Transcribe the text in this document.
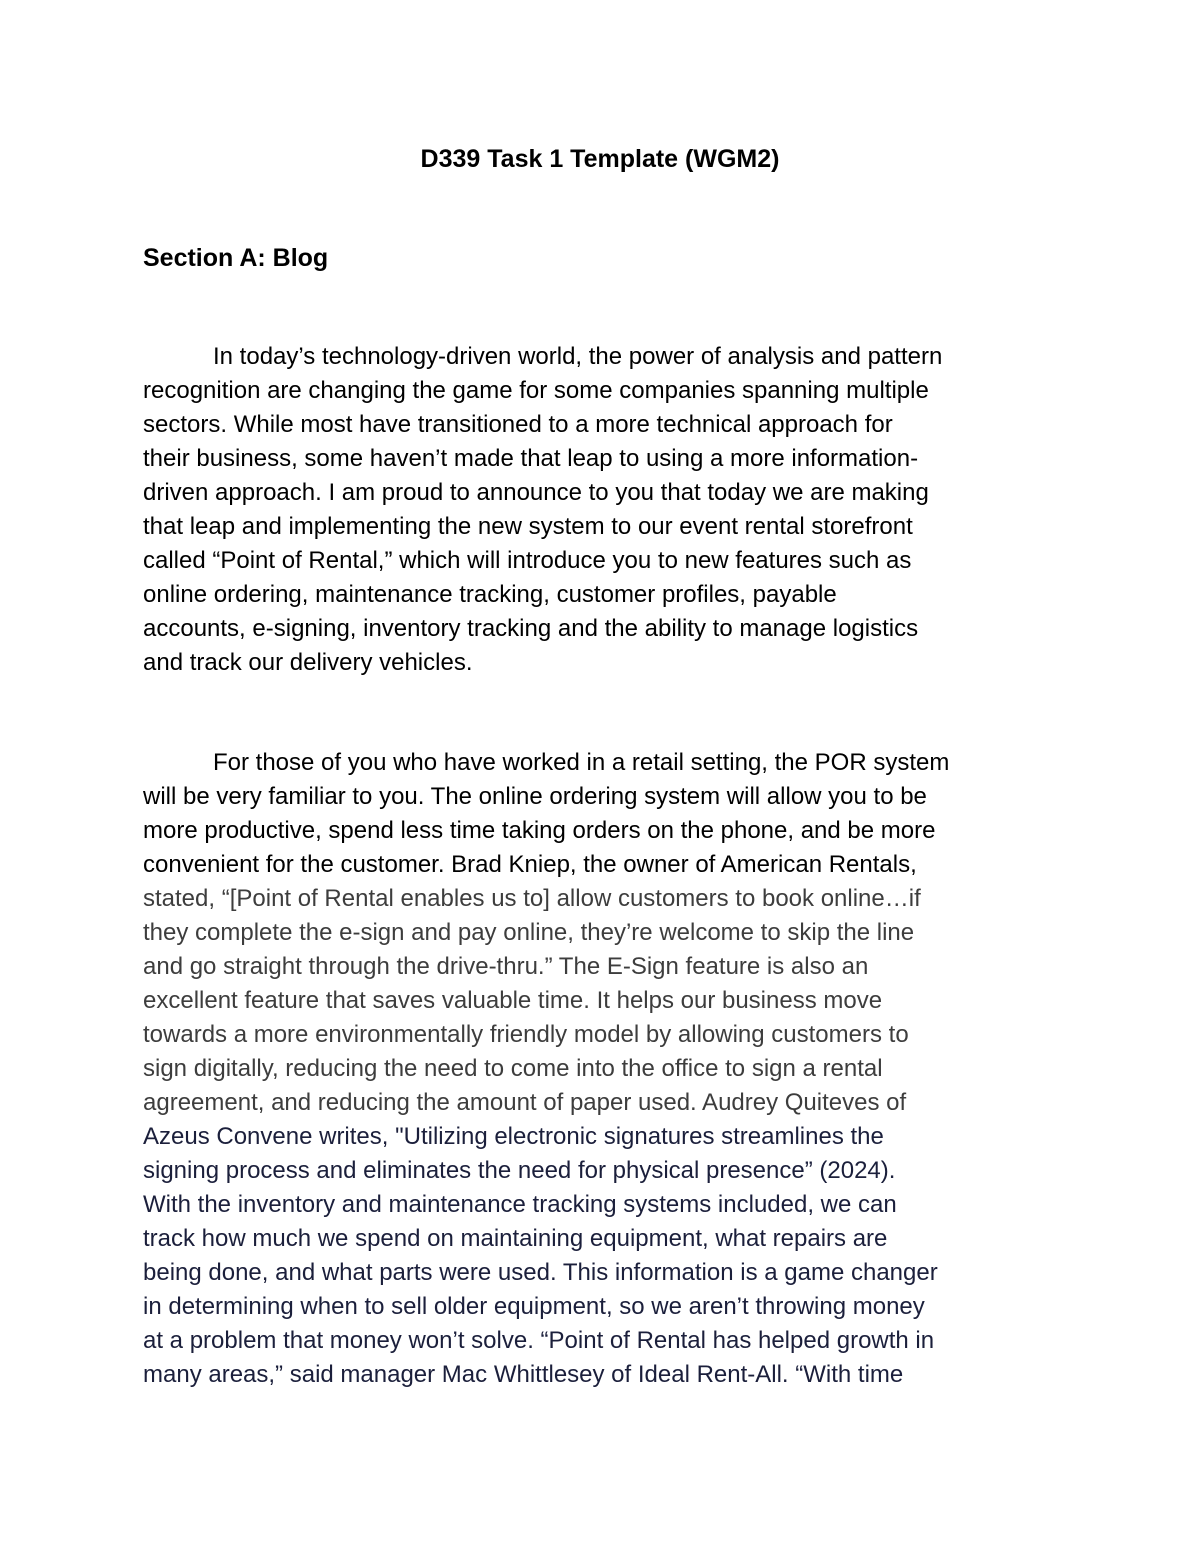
D339 Task 1 Template (WGM2)
Section A: Blog

In today’s technology-driven world, the power of analysis and pattern
recognition are changing the game for some companies spanning multiple
sectors. While most have transitioned to a more technical approach for
their business, some haven’t made that leap to using a more information-
driven approach. I am proud to announce to you that today we are making
that leap and implementing the new system to our event rental storefront
called “Point of Rental,” which will introduce you to new features such as
online ordering, maintenance tracking, customer profiles, payable
accounts, e-signing, inventory tracking and the ability to manage logistics
and track our delivery vehicles.

For those of you who have worked in a retail setting, the POR system
will be very familiar to you. The online ordering system will allow you to be
more productive, spend less time taking orders on the phone, and be more
convenient for the customer. Brad Kniep, the owner of American Rentals,
stated, “[Point of Rental enables us to] allow customers to book online…if
they complete the e-sign and pay online, they’re welcome to skip the line
and go straight through the drive-thru.” The E-Sign feature is also an
excellent feature that saves valuable time. It helps our business move
towards a more environmentally friendly model by allowing customers to
sign digitally, reducing the need to come into the office to sign a rental
agreement, and reducing the amount of paper used. Audrey Quiteves of
Azeus Convene writes, "Utilizing electronic signatures streamlines the
signing process and eliminates the need for physical presence” (2024).
With the inventory and maintenance tracking systems included, we can
track how much we spend on maintaining equipment, what repairs are
being done, and what parts were used. This information is a game changer
in determining when to sell older equipment, so we aren’t throwing money
at a problem that money won’t solve. “Point of Rental has helped growth in
many areas,” said manager Mac Whittlesey of Ideal Rent-All. “With time
